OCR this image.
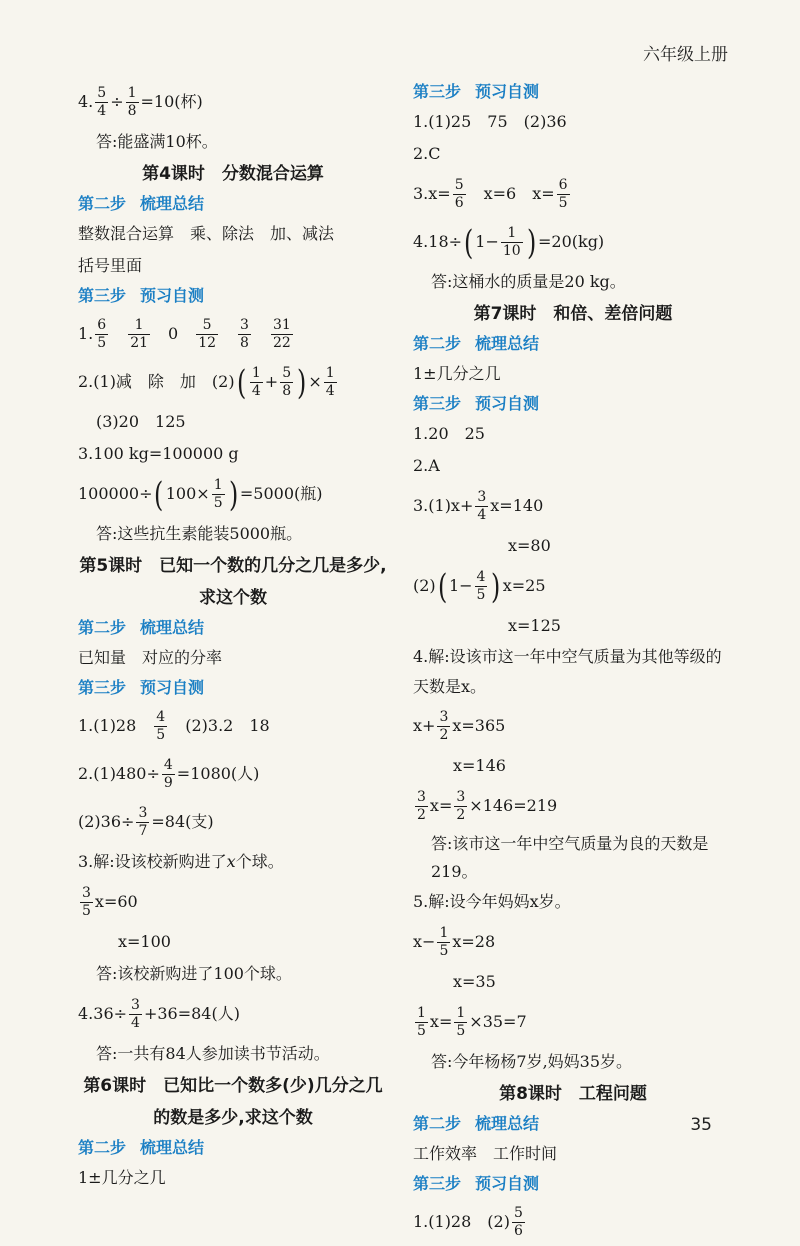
六年级上册
4. $\frac{5}{4} \div \frac{1}{8} =10$(杯)
答:能盛满10杯。
第4课时　分数混合运算
第二步 梳理总结
整数混合运算　乘、除法　加、减法
括号里面
第三步 预习自测
1. $\frac{6}{5} \frac{1}{21} 0 \frac{5}{12} \frac{3}{8} \frac{31}{22}$
2.(1)减　除　加　$(2)( \frac{1}{4} + \frac{5}{8}$ ) × $\frac{1}{4}$
(3)20　125
3.100 kg=100000 g
100000÷( $100\times \frac{1}{5}$ ) =5000(瓶)
答:这些抗生素能装5000瓶。
第5课时　已知一个数的几分之几是多少,求这个数
第二步 梳理总结
已知量　对应的分率
第三步 预习自测
$1.(1)28 \frac{4}{5} (2)3.2$　18
$2.(1)480\div \frac{4}{9} =1080$(人)
$(2)36\div \frac{3}{7} =84$(支)
3.解:设该校新购进了x个球。
$\frac{3}{5} x=60$
x=100
答:该校新购进了100个球。
$4.36\div \frac{3}{4} +36=84$(人)
答:一共有84人参加读书节活动。
第6课时　已知比一个数多(少)几分之几的数是多少,求这个数
第二步 梳理总结
1±几分之几
第三步 预习自测
1.(1)25　75　(2)36
2.C
$3.x= \frac{5}{6} x=6$ $x= \frac{6}{5}$
4.18÷( $1- \frac{1}{10}$ ) =20(kg)
答:这桶水的质量是20 kg。
第7课时　和倍、差倍问题
第二步 梳理总结
1±几分之几
第三步 预习自测
1.20　25
2.A
$3.(1)x+ \frac{3}{4} x=140$
x=80
(2)( $1- \frac{4}{5}$ ) x=25
x=125
4.解:设该市这一年中空气质量为其他等级的天数是x。
$x+ \frac{3}{2} x=365$
x=146
$\frac{3}{2} x= \frac{3}{2} \times 146=219$
答:该市这一年中空气质量为良的天数是219。
5.解:设今年妈妈x岁。
$x- \frac{1}{5} x=28$
x=35
$\frac{1}{5} x= \frac{1}{5} \times 35=7$
答:今年杨杨7岁,妈妈35岁。
第8课时　工程问题
第二步 梳理总结
工作效率　工作时间
第三步 预习自测
1.(1)28 $(2) \frac{5}{6}$
35
